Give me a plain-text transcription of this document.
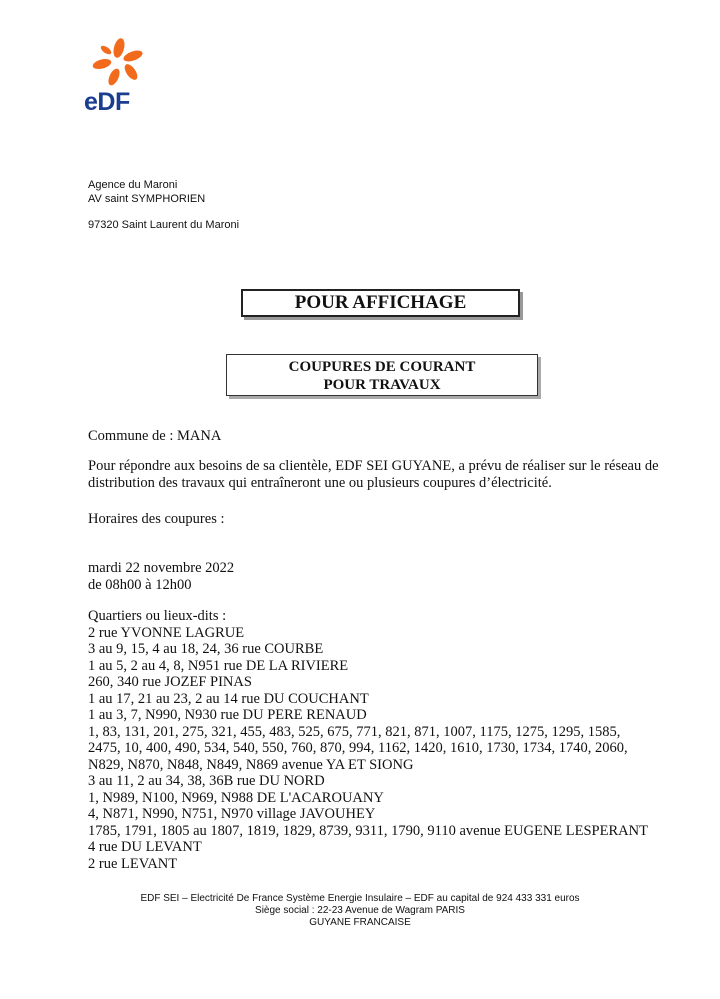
eDF
Agence du Maroni
AV saint SYMPHORIEN
97320 Saint Laurent du Maroni
POUR AFFICHAGE
COUPURES DE COURANT
POUR TRAVAUX
Commune de : MANA
Pour répondre aux besoins de sa clientèle, EDF SEI GUYANE, a prévu de réaliser sur le réseau de distribution des travaux qui entraîneront une ou plusieurs coupures d’électricité.
Horaires des coupures :
mardi 22 novembre 2022
de 08h00 à 12h00
Quartiers ou lieux-dits :
2 rue YVONNE LAGRUE
3 au 9, 15, 4 au 18, 24, 36 rue COURBE
1 au 5, 2 au 4, 8, N951 rue DE LA RIVIERE
260, 340 rue JOZEF PINAS
1 au 17, 21 au 23, 2 au 14 rue DU COUCHANT
1 au 3, 7, N990, N930 rue DU PERE RENAUD
1, 83, 131, 201, 275, 321, 455, 483, 525, 675, 771, 821, 871, 1007, 1175, 1275, 1295, 1585,
2475, 10, 400, 490, 534, 540, 550, 760, 870, 994, 1162, 1420, 1610, 1730, 1734, 1740, 2060,
N829, N870, N848, N849, N869 avenue YA ET SIONG
3 au 11, 2 au 34, 38, 36B rue DU NORD
1, N989, N100, N969, N988 DE L'ACAROUANY
4, N871, N990, N751, N970 village JAVOUHEY
1785, 1791, 1805 au 1807, 1819, 1829, 8739, 9311, 1790, 9110 avenue EUGENE LESPERANT
4 rue DU LEVANT
2 rue LEVANT
EDF SEI – Electricité De France Système Energie Insulaire – EDF au capital de 924 433 331 euros
Siège social : 22-23 Avenue de Wagram PARIS
GUYANE FRANCAISE
